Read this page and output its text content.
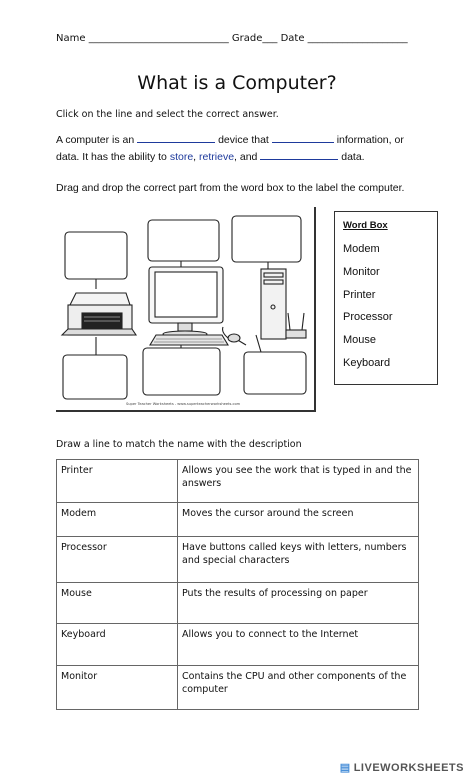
Name ____________________________ Grade___ Date ____________________
What is a Computer?
Click on the line and select the correct answer.
A computer is an	device that	information, or
data. It has the ability to store, retrieve, and	data.
Drag and drop the correct part from the word box to the label the computer.
Super Teacher Worksheets - www.superteacherworksheets.com
Word Box
Modem
Monitor
Printer
Processor
Mouse
Keyboard
Draw a line to match the name with the description
Printer	Allows you see the work that is typed in and the answers
Modem	Moves the cursor around the screen
Processor	Have buttons called keys with letters, numbers and special characters
Mouse	Puts the results of processing on paper
Keyboard	Allows you to connect to the Internet
Monitor	Contains the CPU and other components of the computer
▤ LIVEWORKSHEETS
